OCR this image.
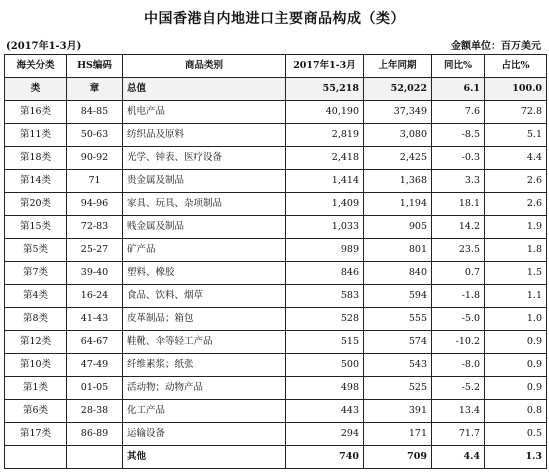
中国香港自内地进口主要商品构成（类）
(2017年1-3月)	金额单位：百万美元
海关分类	HS编码	商品类别	2017年1-3月	上年同期	同比%	占比%
类	章	总值	55,218	52,022	6.1	100.0
第16类	84-85	机电产品	40,190	37,349	7.6	72.8
第11类	50-63	纺织品及原料	2,819	3,080	-8.5	5.1
第18类	90-92	光学、钟表、医疗设备	2,418	2,425	-0.3	4.4
第14类	71	贵金属及制品	1,414	1,368	3.3	2.6
第20类	94-96	家具、玩具、杂项制品	1,409	1,194	18.1	2.6
第15类	72-83	贱金属及制品	1,033	905	14.2	1.9
第5类	25-27	矿产品	989	801	23.5	1.8
第7类	39-40	塑料、橡胶	846	840	0.7	1.5
第4类	16-24	食品、饮料、烟草	583	594	-1.8	1.1
第8类	41-43	皮革制品；箱包	528	555	-5.0	1.0
第12类	64-67	鞋靴、伞等轻工产品	515	574	-10.2	0.9
第10类	47-49	纤维素浆；纸张	500	543	-8.0	0.9
第1类	01-05	活动物；动物产品	498	525	-5.2	0.9
第6类	28-38	化工产品	443	391	13.4	0.8
第17类	86-89	运输设备	294	171	71.7	0.5
		其他	740	709	4.4	1.3
